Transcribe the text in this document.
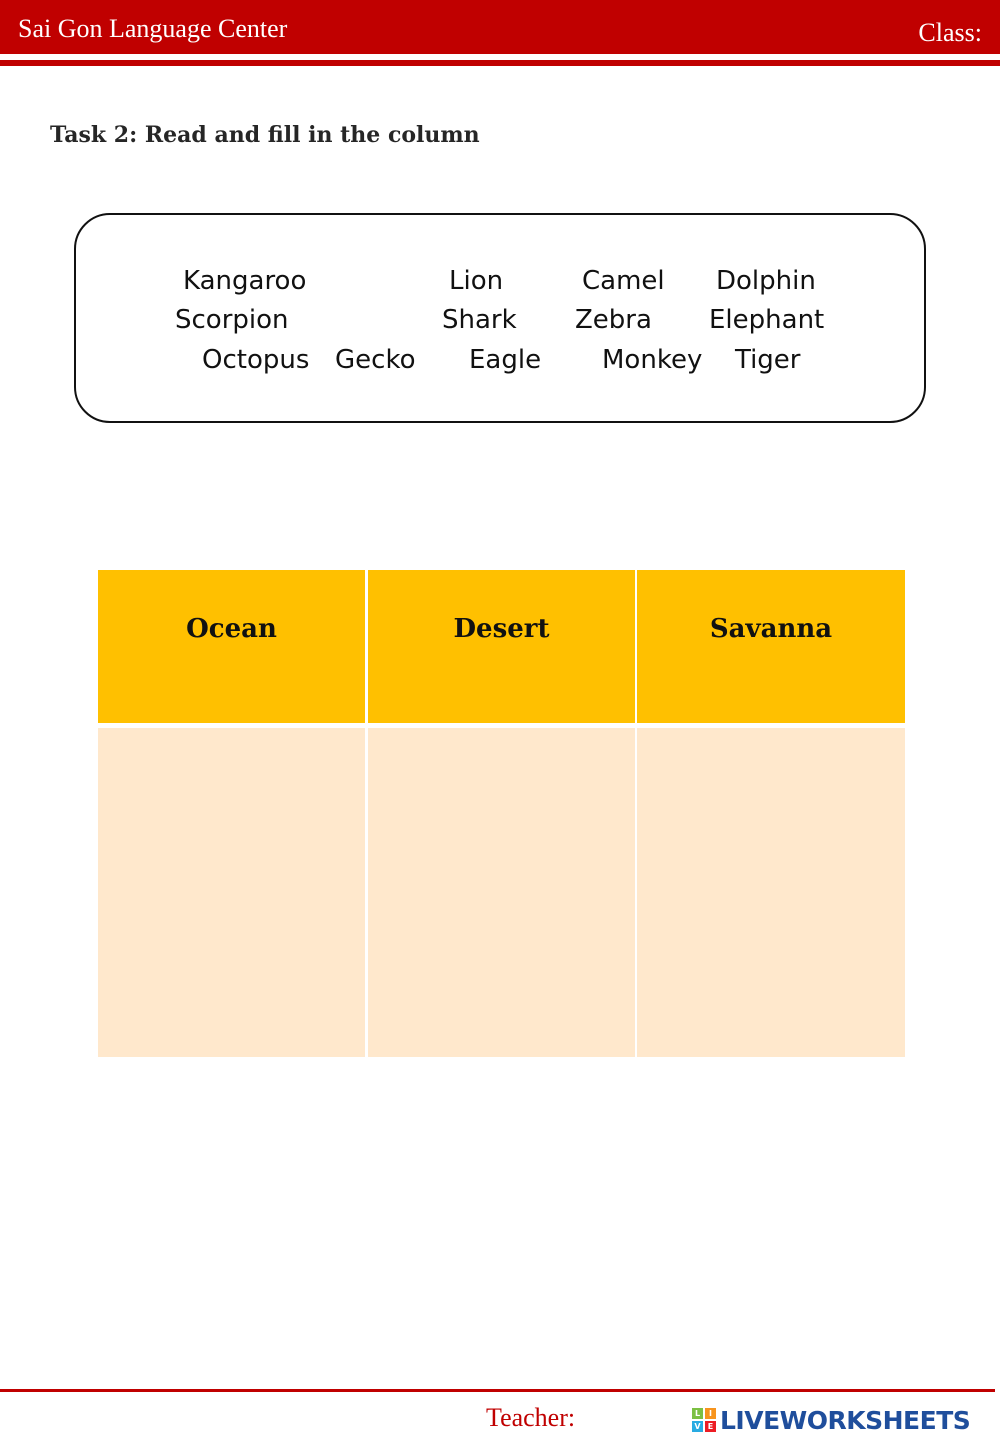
Sai Gon Language Center	Class:
Task 2: Read and fill in the column
Kangaroo	Lion	Camel Dolphin
Scorpion	Shark Zebra Elephant
Octopus Gecko Eagle Monkey Tiger
Ocean	Desert	Savanna
Teacher:	L	I
V E LIVEWORKSHEETS
